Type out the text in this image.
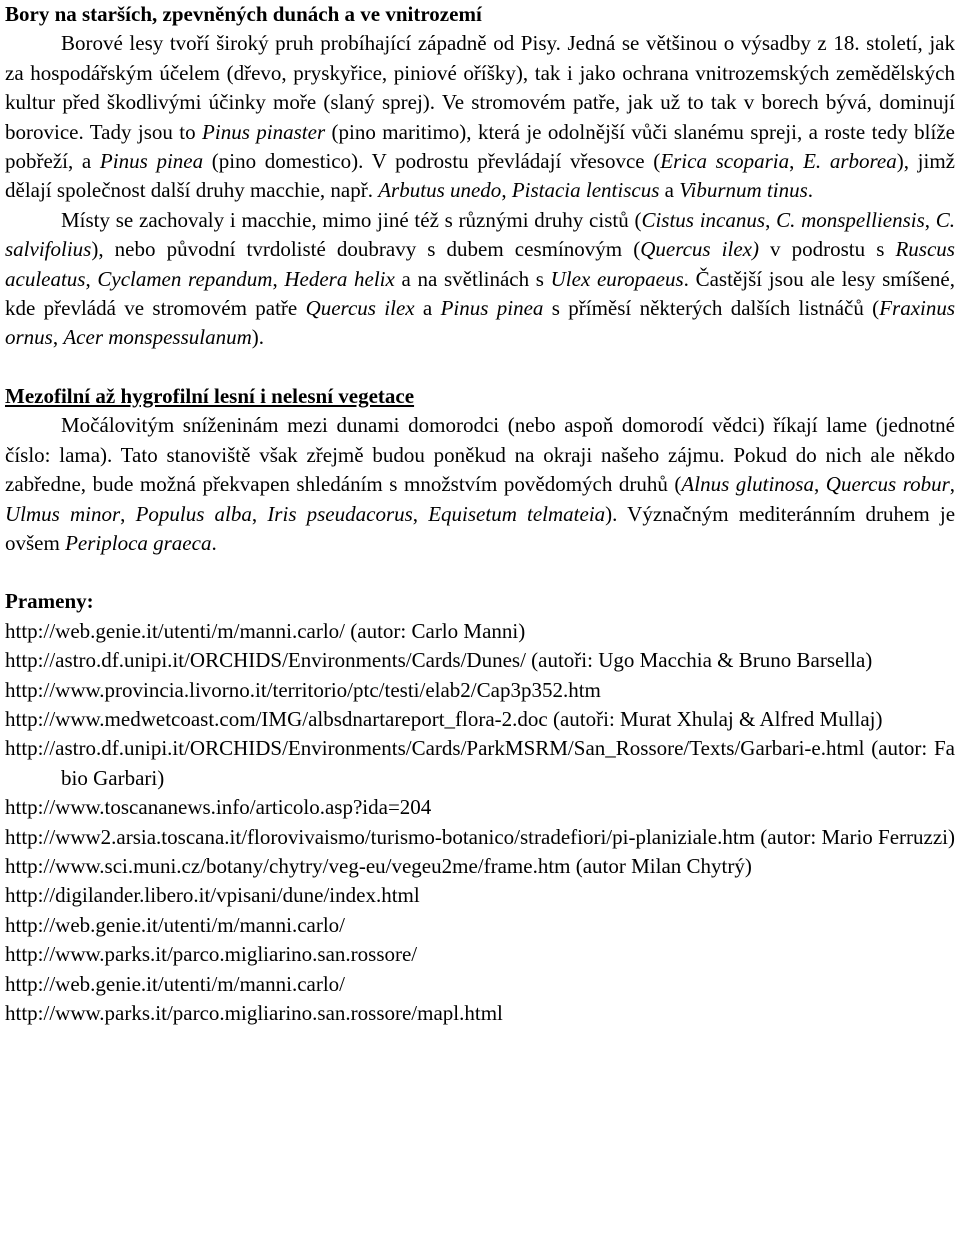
Bory na starších, zpevněných dunách a ve vnitrozemí

Borové lesy tvoří široký pruh probíhající západně od Pisy. Jedná se většinou o výsadby z 18. století, jak za hospodářským účelem (dřevo, pryskyřice, piniové oříšky), tak i jako ochrana vnitrozemských zemědělských kultur před škodlivými účinky moře (slaný sprej). Ve stromovém patře, jak už to tak v borech bývá, dominují borovice. Tady jsou to Pinus pinaster (pino maritimo), která je odolnější vůči slanému spreji, a roste tedy blíže pobřeží, a Pinus pinea (pino domestico). V podrostu převládají vřesovce (Erica scoparia, E. arborea), jimž dělají společnost další druhy macchie, např. Arbutus unedo, Pistacia lentiscus a Viburnum tinus.

Místy se zachovaly i macchie, mimo jiné též s různými druhy cistů (Cistus incanus, C. monspelliensis, C. salvifolius), nebo původní tvrdolisté doubravy s dubem cesmínovým (Quercus ilex) v podrostu s Ruscus aculeatus, Cyclamen repandum, Hedera helix a na světlinách s Ulex europaeus. Častější jsou ale lesy smíšené, kde převládá ve stromovém patře Quercus ilex a Pinus pinea s příměsí některých dalších listnáčů (Fraxinus ornus, Acer monspessulanum).

Mezofilní až hygrofilní lesní i nelesní vegetace

Močálovitým sníženinám mezi dunami domorodci (nebo aspoň domorodí vědci) říkají lame (jednotné číslo: lama). Tato stanoviště však zřejmě budou poněkud na okraji našeho zájmu. Pokud do nich ale někdo zabředne, bude možná překvapen shledáním s množstvím povědomých druhů (Alnus glutinosa, Quercus robur, Ulmus minor, Populus alba, Iris pseudacorus, Equisetum telmateia). Význačným mediteránním druhem je ovšem Periploca graeca.

Prameny:
http://web.genie.it/utenti/m/manni.carlo/ (autor: Carlo Manni)
http://astro.df.unipi.it/ORCHIDS/Environments/Cards/Dunes/ (autoři: Ugo Macchia & Bruno Barsella)
http://www.provincia.livorno.it/territorio/ptc/testi/elab2/Cap3p352.htm
http://www.medwetcoast.com/IMG/albsdnartareport_flora-2.doc (autoři: Murat Xhulaj & Alfred Mullaj)
http://astro.df.unipi.it/ORCHIDS/Environments/Cards/ParkMSRM/San_Rossore/Texts/Garbari-e.html (autor: Fabio Garbari)
http://www.toscananews.info/articolo.asp?ida=204
http://www2.arsia.toscana.it/florovivaismo/turismo-botanico/stradefiori/pi-planiziale.htm (autor: Mario Ferruzzi)
http://www.sci.muni.cz/botany/chytry/veg-eu/vegeu2me/frame.htm (autor Milan Chytrý)
http://digilander.libero.it/vpisani/dune/index.html
http://web.genie.it/utenti/m/manni.carlo/
http://www.parks.it/parco.migliarino.san.rossore/
http://web.genie.it/utenti/m/manni.carlo/
http://www.parks.it/parco.migliarino.san.rossore/mapl.html
